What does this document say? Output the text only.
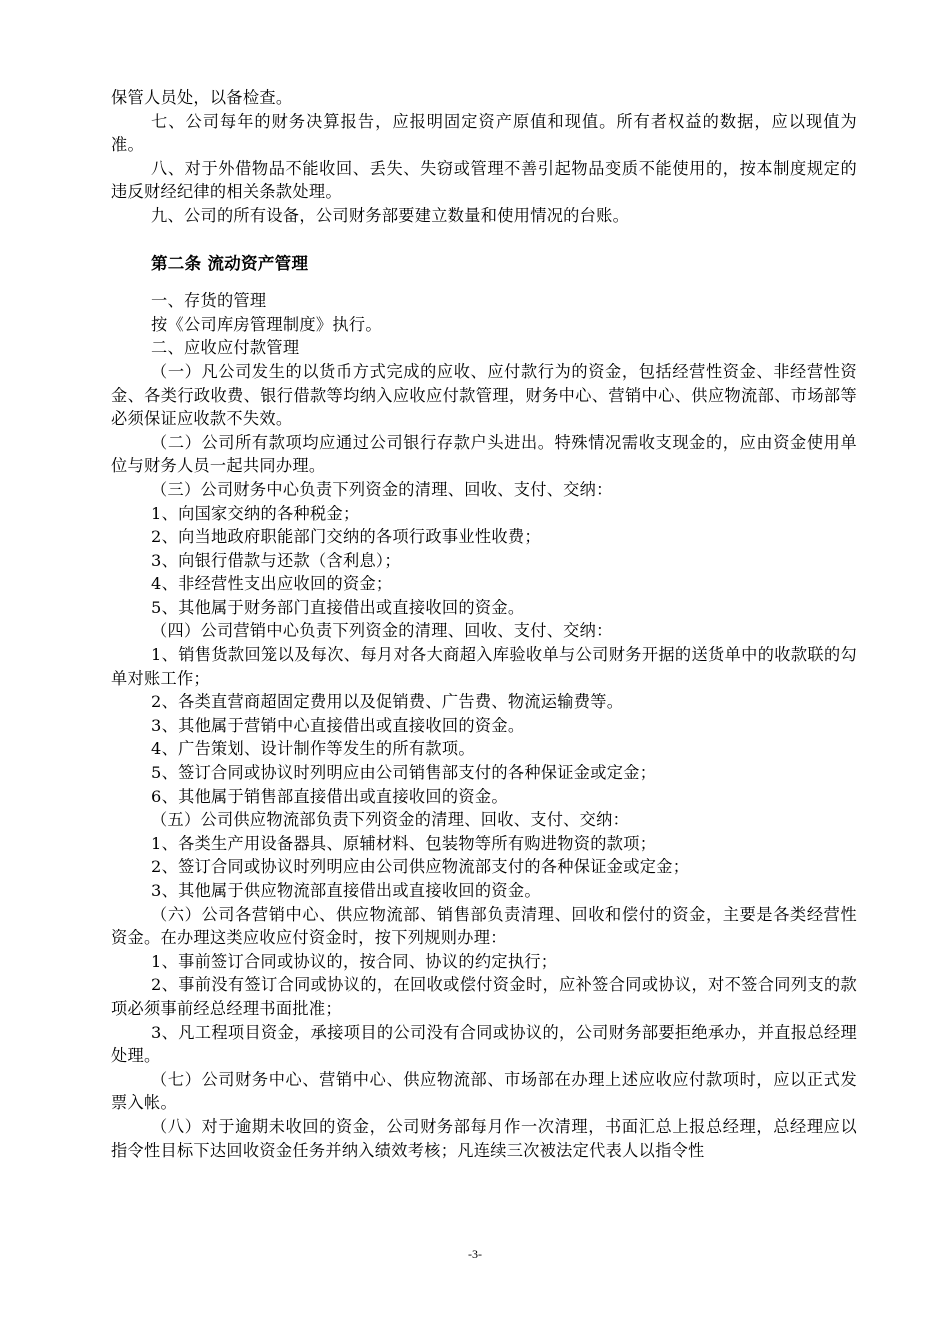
保管人员处，以备检查。

七、公司每年的财务决算报告，应报明固定资产原值和现值。所有者权益的数据，应以现值为准。

八、对于外借物品不能收回、丢失、失窃或管理不善引起物品变质不能使用的，按本制度规定的违反财经纪律的相关条款处理。

九、公司的所有设备，公司财务部要建立数量和使用情况的台账。

第二条 流动资产管理

一、存货的管理

按《公司库房管理制度》执行。

二、应收应付款管理

（一）凡公司发生的以货币方式完成的应收、应付款行为的资金，包括经营性资金、非经营性资金、各类行政收费、银行借款等均纳入应收应付款管理，财务中心、营销中心、供应物流部、市场部等必须保证应收款不失效。

（二）公司所有款项均应通过公司银行存款户头进出。特殊情况需收支现金的，应由资金使用单位与财务人员一起共同办理。

（三）公司财务中心负责下列资金的清理、回收、支付、交纳：

1、向国家交纳的各种税金；

2、向当地政府职能部门交纳的各项行政事业性收费；

3、向银行借款与还款（含利息）；

4、非经营性支出应收回的资金；

5、其他属于财务部门直接借出或直接收回的资金。

（四）公司营销中心负责下列资金的清理、回收、支付、交纳：

1、销售货款回笼以及每次、每月对各大商超入库验收单与公司财务开据的送货单中的收款联的勾单对账工作；

2、各类直营商超固定费用以及促销费、广告费、物流运输费等。

3、其他属于营销中心直接借出或直接收回的资金。

4、广告策划、设计制作等发生的所有款项。

5、签订合同或协议时列明应由公司销售部支付的各种保证金或定金；

6、其他属于销售部直接借出或直接收回的资金。

（五）公司供应物流部负责下列资金的清理、回收、支付、交纳：

1、各类生产用设备器具、原辅材料、包装物等所有购进物资的款项；

2、签订合同或协议时列明应由公司供应物流部支付的各种保证金或定金；

3、其他属于供应物流部直接借出或直接收回的资金。

（六）公司各营销中心、供应物流部、销售部负责清理、回收和偿付的资金，主要是各类经营性资金。在办理这类应收应付资金时，按下列规则办理：

1、事前签订合同或协议的，按合同、协议的约定执行；

2、事前没有签订合同或协议的，在回收或偿付资金时，应补签合同或协议，对不签合同列支的款项必须事前经总经理书面批准；

3、凡工程项目资金，承接项目的公司没有合同或协议的，公司财务部要拒绝承办，并直报总经理处理。

（七）公司财务中心、营销中心、供应物流部、市场部在办理上述应收应付款项时，应以正式发票入帐。

（八）对于逾期未收回的资金，公司财务部每月作一次清理，书面汇总上报总经理，总经理应以指令性目标下达回收资金任务并纳入绩效考核；凡连续三次被法定代表人以指令性

-3-
